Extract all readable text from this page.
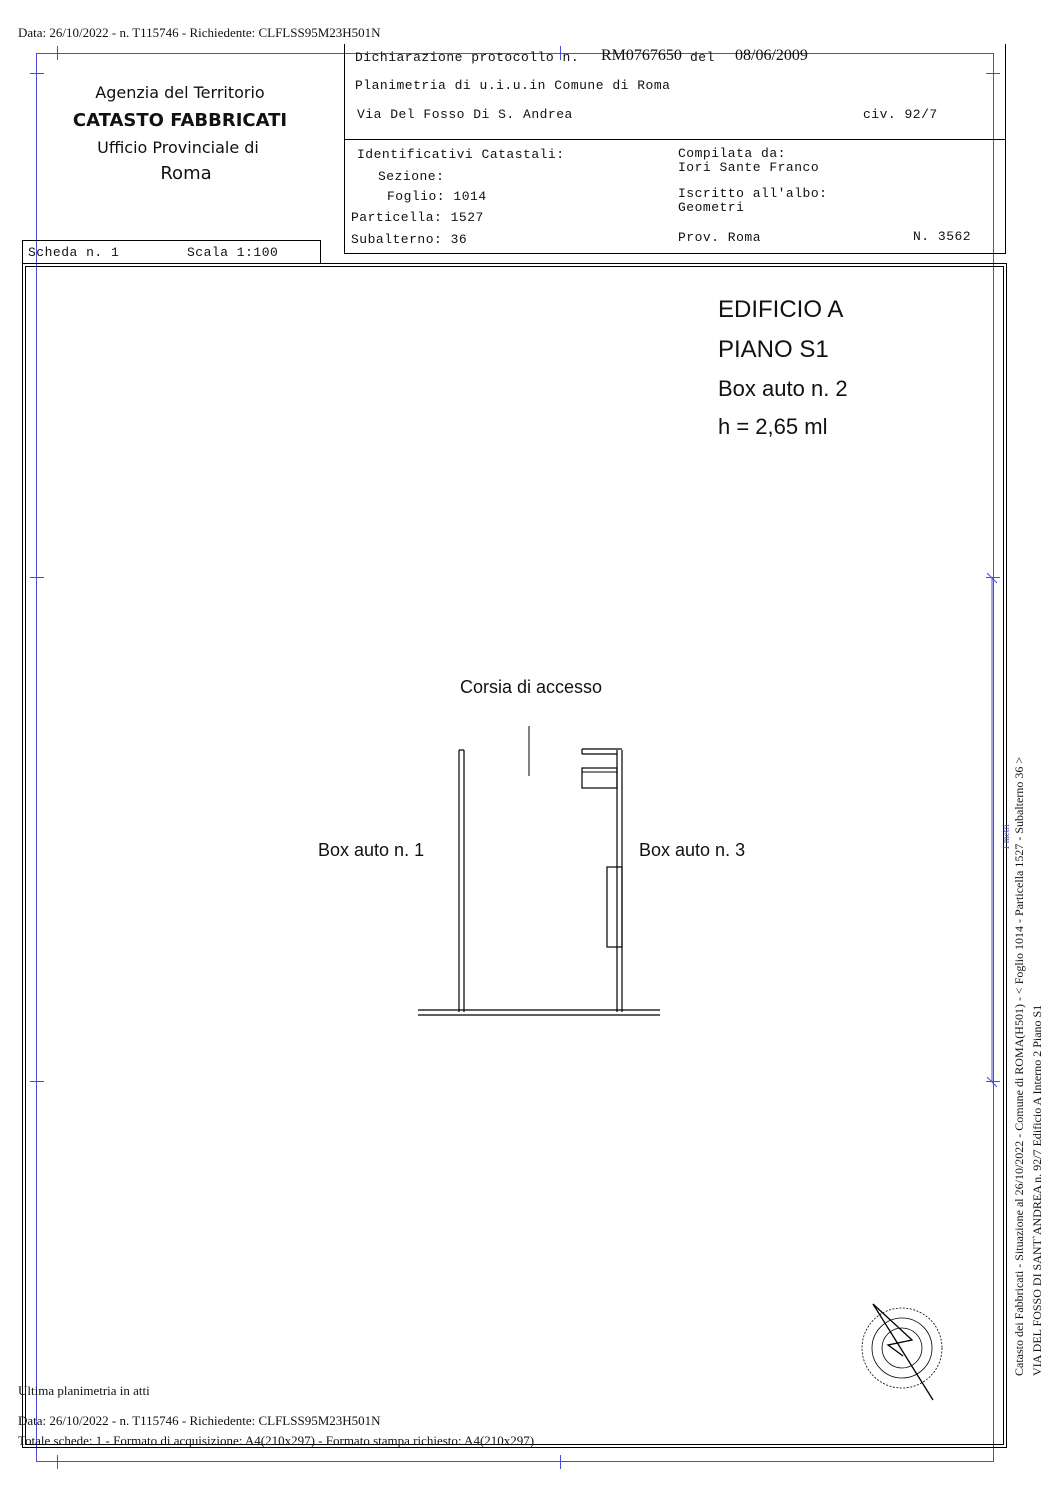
Data: 26/10/2022 - n. T115746 - Richiedente: CLFLSS95M23H501N
Agenzia del Territorio
CATASTO FABBRICATI
Ufficio Provinciale di
Roma
Dichiarazione protocollo n. RM0767650 del 08/06/2009
Planimetria di u.i.u.in Comune di Roma
Via Del Fosso Di S. Andrea	civ. 92/7
Identificativi Catastali:
Sezione:
Foglio: 1014
Particella: 1527
Subalterno: 36
Compilata da:
Iori Sante Franco
Iscritto all'albo:
Geometri
Prov. Roma	N. 3562
Scheda n. 1	Scala 1:100
EDIFICIO A
PIANO S1
Box auto n. 2
h = 2,65 ml
Corsia di accesso
Box auto n. 1	Box auto n. 3	Catasto dei Fabbricati - Situazione al 26/10/2022 - Comune di ROMA(H501) - < Foglio 1014 - Particella 1527 - Subalterno 36 > VIA DEL FOSSO DI SANT`ANDREA n. 92/7 Edificio A Interno 2 Piano S1
1 metri
Ultima planimetria in atti
Data: 26/10/2022 - n. T115746 - Richiedente: CLFLSS95M23H501N
Totale schede: 1 - Formato di acquisizione: A4(210x297) - Formato stampa richiesto: A4(210x297)
